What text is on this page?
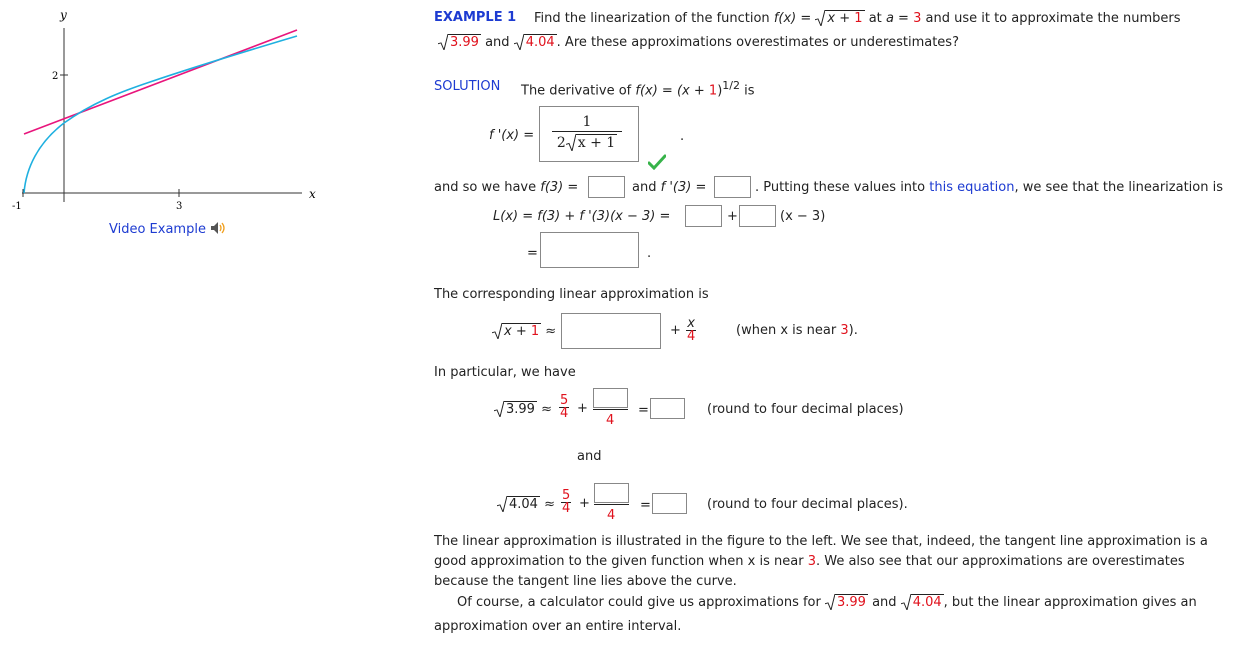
y
x
2
-1	3
Video Example
EXAMPLE 1 Find the linearization of the function f(x) = x + 1 at a = 3 and use it to approximate the numbers
3.99 and 4.04 . Are these approximations overestimates or underestimates?
SOLUTION The derivative of $f(x) = (x + 1)^{1/2}$ is
f '(x) =
1
2 x + 1	.
and so we have f(3) =	and f '(3) =	. Putting these values into this equation, we see that the linearization is
L(x) = f(3) + f '(3)(x − 3) =	+	(x − 3)
=	.
The corresponding linear approximation is
x + 1 ≈	+ $\frac{x}{4}$	(when x is near 3).
In particular, we have
$3.99 \approx \frac{5}{4}$ +
4
=	(round to four decimal places)
and
$4.04 \approx \frac{5}{4}$ +
4
=	(round to four decimal places).
The linear approximation is illustrated in the figure to the left. We see that, indeed, the tangent line approximation is a
good approximation to the given function when x is near 3. We also see that our approximations are overestimates
because the tangent line lies above the curve.
Of course, a calculator could give us approximations for 3.99 and 4.04 , but the linear approximation gives an
approximation over an entire interval.
